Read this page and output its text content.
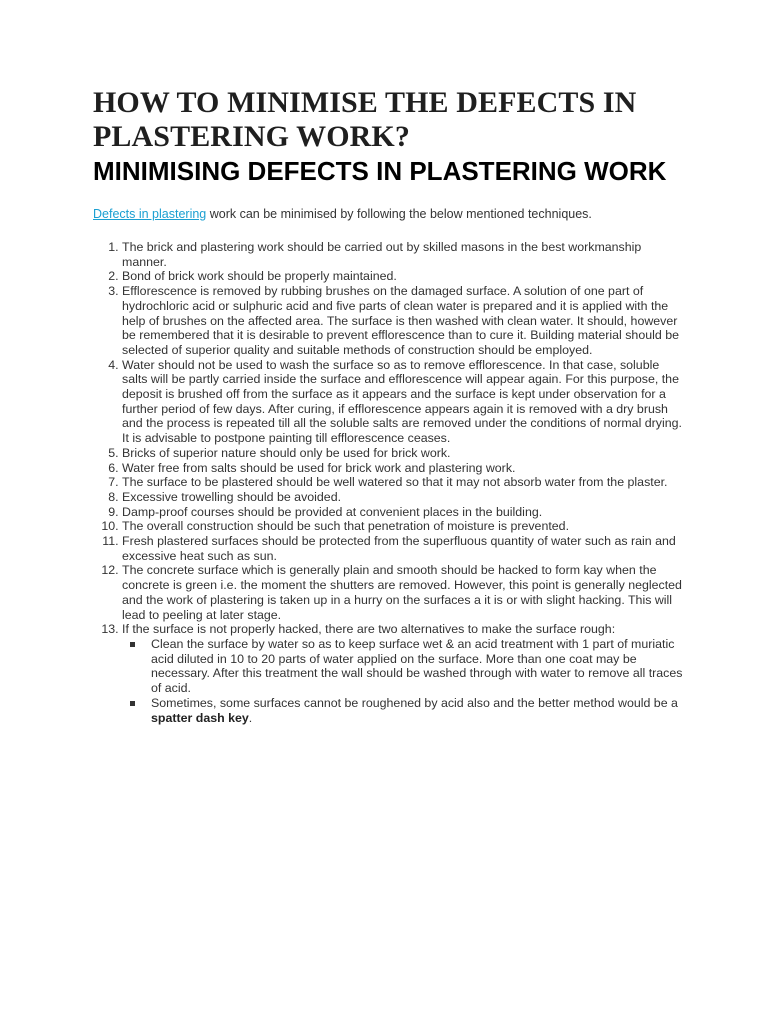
HOW TO MINIMISE THE DEFECTS IN PLASTERING WORK?
MINIMISING DEFECTS IN PLASTERING WORK

Defects in plastering work can be minimised by following the below mentioned techniques.

1. The brick and plastering work should be carried out by skilled masons in the best workmanship manner.
2. Bond of brick work should be properly maintained.
3. Efflorescence is removed by rubbing brushes on the damaged surface. A solution of one part of hydrochloric acid or sulphuric acid and five parts of clean water is prepared and it is applied with the help of brushes on the affected area. The surface is then washed with clean water. It should, however be remembered that it is desirable to prevent efflorescence than to cure it. Building material should be selected of superior quality and suitable methods of construction should be employed.
4. Water should not be used to wash the surface so as to remove efflorescence. In that case, soluble salts will be partly carried inside the surface and efflorescence will appear again. For this purpose, the deposit is brushed off from the surface as it appears and the surface is kept under observation for a further period of few days. After curing, if efflorescence appears again it is removed with a dry brush and the process is repeated till all the soluble salts are removed under the conditions of normal drying. It is advisable to postpone painting till efflorescence ceases.
5. Bricks of superior nature should only be used for brick work.
6. Water free from salts should be used for brick work and plastering work.
7. The surface to be plastered should be well watered so that it may not absorb water from the plaster.
8. Excessive trowelling should be avoided.
9. Damp-proof courses should be provided at convenient places in the building.
10. The overall construction should be such that penetration of moisture is prevented.
11. Fresh plastered surfaces should be protected from the superfluous quantity of water such as rain and excessive heat such as sun.
12. The concrete surface which is generally plain and smooth should be hacked to form kay when the concrete is green i.e. the moment the shutters are removed. However, this point is generally neglected and the work of plastering is taken up in a hurry on the surfaces a it is or with slight hacking. This will lead to peeling at later stage.
13. If the surface is not properly hacked, there are two alternatives to make the surface rough:
Clean the surface by water so as to keep surface wet & an acid treatment with 1 part of muriatic acid diluted in 10 to 20 parts of water applied on the surface. More than one coat may be necessary. After this treatment the wall should be washed through with water to remove all traces of acid.
Sometimes, some surfaces cannot be roughened by acid also and the better method would be a spatter dash key.
